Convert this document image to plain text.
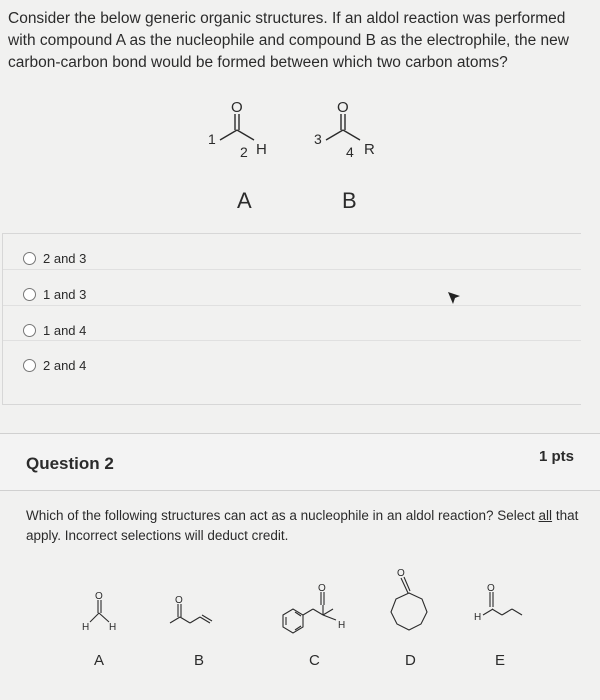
Consider the below generic organic structures. If an aldol reaction was performed with compound A as the nucleophile and compound B as the electrophile, the new carbon-carbon bond would be formed between which two carbon atoms?
O
1
2 H
A
O
3
4 R
B
2 and 3
1 and 3
1 and 4
2 and 4
Question 2	1 pts
Which of the following structures can act as a nucleophile in an aldol reaction? Select all that apply. Incorrect selections will deduct credit.
O
H H
O
O
H
O
O
H
A	B	C	D	E
